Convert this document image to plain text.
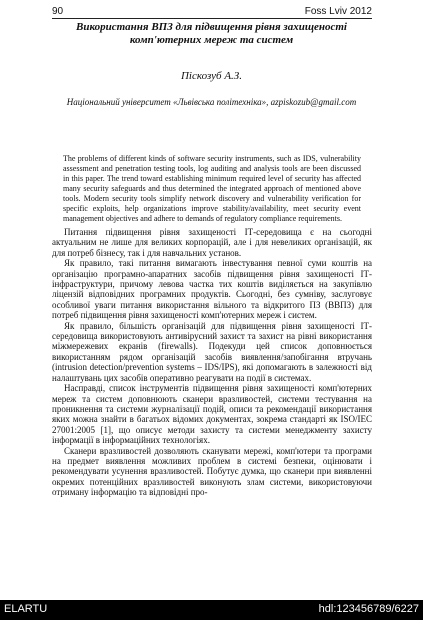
90	Foss Lviv 2012
Використання ВПЗ для підвищення рівня захищеності комп'ютерних мереж та систем
Піскозуб А.З.
Національний університет «Львівська політехніка», azpiskozub@gmail.com
The problems of different kinds of software security instruments, such as IDS, vulnerability assessment and penetration testing tools, log auditing and analysis tools are been discussed in this paper. The trend toward establishing minimum required level of security has affected many security safeguards and thus determined the integrated approach of mentioned above tools. Modern security tools simplify network discovery and vulnerability verification for specific exploits, help organizations improve stability/availability, meet security event management objectives and adhere to demands of regulatory compliance requirements.

Питання підвищення рівня захищеності ІТ-середовища є на сьогодні актуальним не лише для великих корпорацій, але і для невеликих організацій, як для потреб бізнесу, так і для навчальних установ.

Як правило, такі питання вимагають інвестування певної суми коштів на організацію програмно-апаратних засобів підвищення рівня захищеності ІТ-інфраструктури, причому левова частка тих коштів виділяється на закупівлю ліцензій відповідних програмних продуктів. Сьогодні, без сумніву, заслуговує особливої уваги питання використання вільного та відкритого ПЗ (ВВПЗ) для потреб підвищення рівня захищеності комп'ютерних мереж і систем.

Як правило, більшість організацій для підвищення рівня захищеності ІТ-середовища використовують антивірусний захист та захист на рівні використання міжмережевих екранів (firewalls). Подекуди цей список доповнюється використанням рядом організацій засобів виявлення/запобігання втручань (intrusion detection/prevention systems – IDS/IPS), які допомагають в залежності від налаштувань цих засобів оперативно реагувати на події в системах.

Насправді, список інструментів підвищення рівня захищеності комп'ютерних мереж та систем доповнюють сканери вразливостей, системи тестування на проникнення та системи журналізації подій, описи та рекомендації використання яких можна знайти в багатьох відомих документах, зокрема стандарті як ISO/IEC 27001:2005 [1], що описує методи захисту та системи менеджменту захисту інформації в інформаційних технологіях.

Сканери вразливостей дозволяють сканувати мережі, комп'ютери та програми на предмет виявлення можливих проблем в системі безпеки, оцінювати і рекомендувати усунення вразливостей. Побутує думка, що сканери при виявленні окремих потенційних вразливостей виконують злам системи, використовуючи отриману інформацію та відповідні про-

ELARTU	hdl:123456789/6227
